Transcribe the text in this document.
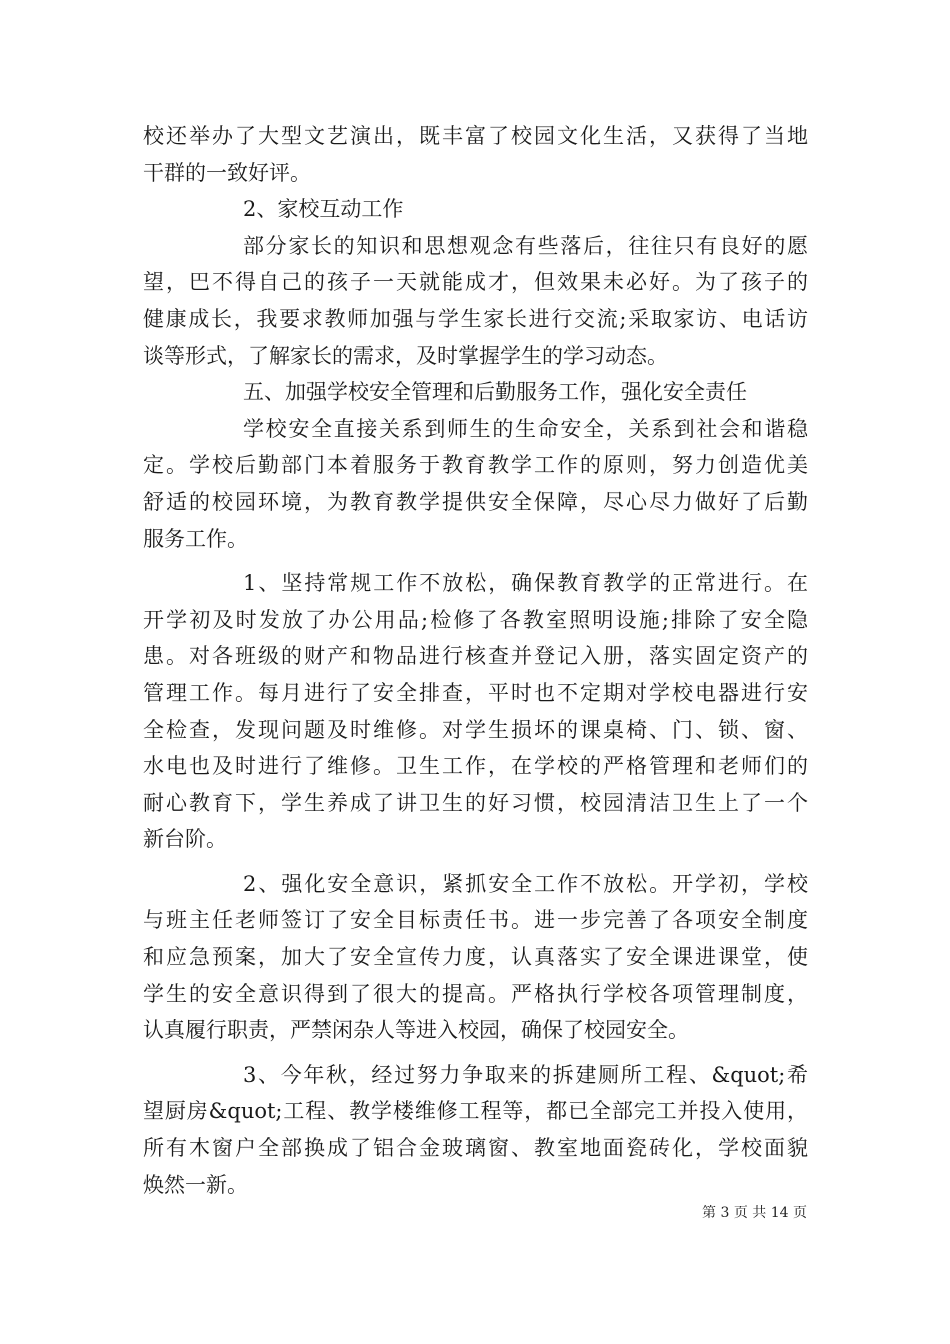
校还举办了大型文艺演出，既丰富了校园文化生活，又获得了当地
干群的一致好评。
2、家校互动工作
部分家长的知识和思想观念有些落后，往往只有良好的愿
望，巴不得自己的孩子一天就能成才，但效果未必好。为了孩子的
健康成长，我要求教师加强与学生家长进行交流;采取家访、电话访
谈等形式，了解家长的需求，及时掌握学生的学习动态。
五、加强学校安全管理和后勤服务工作，强化安全责任
学校安全直接关系到师生的生命安全，关系到社会和谐稳
定。学校后勤部门本着服务于教育教学工作的原则，努力创造优美
舒适的校园环境，为教育教学提供安全保障，尽心尽力做好了后勤
服务工作。
1、坚持常规工作不放松，确保教育教学的正常进行。在
开学初及时发放了办公用品;检修了各教室照明设施;排除了安全隐
患。对各班级的财产和物品进行核查并登记入册，落实固定资产的
管理工作。每月进行了安全排查，平时也不定期对学校电器进行安
全检查，发现问题及时维修。对学生损坏的课桌椅、门、锁、窗、
水电也及时进行了维修。卫生工作，在学校的严格管理和老师们的
耐心教育下，学生养成了讲卫生的好习惯，校园清洁卫生上了一个
新台阶。
2、强化安全意识，紧抓安全工作不放松。开学初，学校
与班主任老师签订了安全目标责任书。进一步完善了各项安全制度
和应急预案，加大了安全宣传力度，认真落实了安全课进课堂，使
学生的安全意识得到了很大的提高。严格执行学校各项管理制度，
认真履行职责，严禁闲杂人等进入校园，确保了校园安全。
3、今年秋，经过努力争取来的拆建厕所工程、&quot;希
望厨房&quot;工程、教学楼维修工程等，都已全部完工并投入使用，
所有木窗户全部换成了铝合金玻璃窗、教室地面瓷砖化，学校面貌
焕然一新。
第 3 页 共 14 页
